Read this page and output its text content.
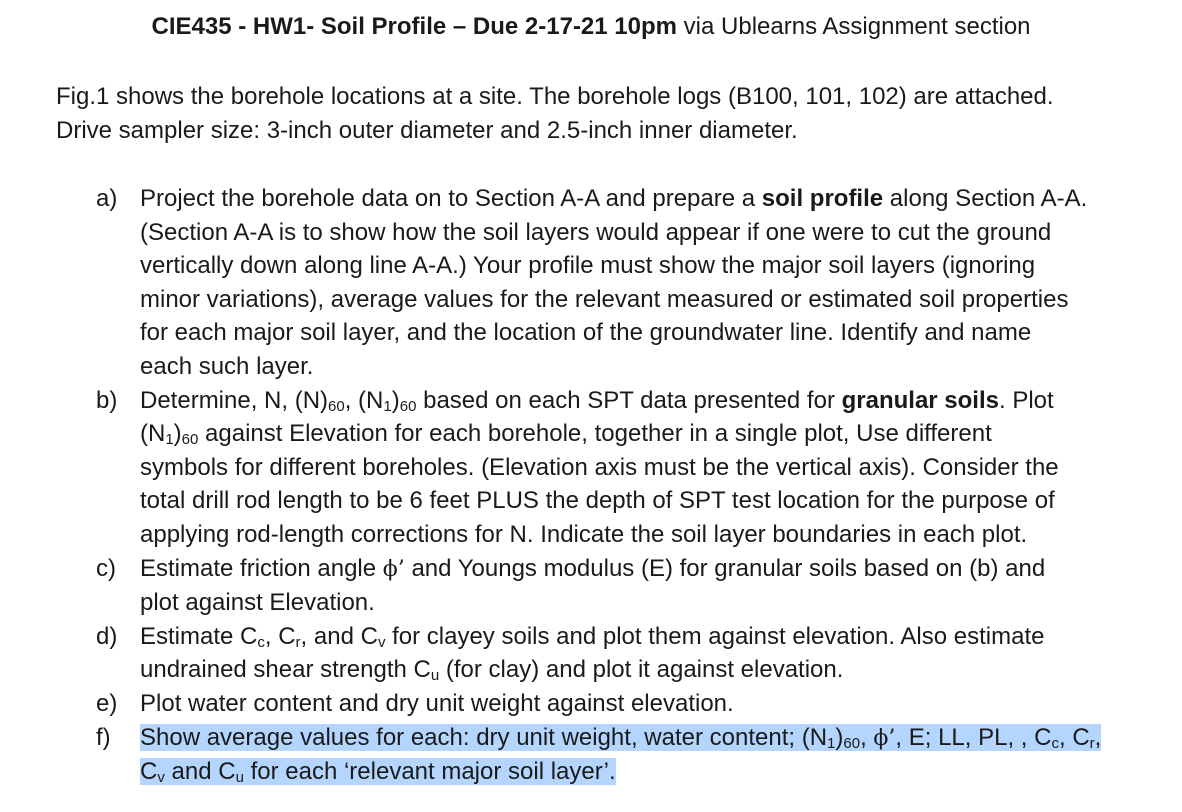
CIE435 - HW1- Soil Profile – Due 2-17-21 10pm via Ublearns Assignment section
Fig.1 shows the borehole locations at a site. The borehole logs (B100, 101, 102) are attached.
Drive sampler size: 3-inch outer diameter and 2.5-inch inner diameter.
a) Project the borehole data on to Section A-A and prepare a soil profile along Section A-A.
(Section A-A is to show how the soil layers would appear if one were to cut the ground
vertically down along line A-A.) Your profile must show the major soil layers (ignoring
minor variations), average values for the relevant measured or estimated soil properties
for each major soil layer, and the location of the groundwater line. Identify and name
each such layer.
b) Determine, N, $(N)_{60}$, $(N_1)_{60}$ based on each SPT data presented for granular soils. Plot
$(N_1)_{60}$ against Elevation for each borehole, together in a single plot, Use different
symbols for different boreholes. (Elevation axis must be the vertical axis). Consider the
total drill rod length to be 6 feet PLUS the depth of SPT test location for the purpose of
applying rod-length corrections for N. Indicate the soil layer boundaries in each plot.
c) Estimate friction angle ϕ’ and Youngs modulus (E) for granular soils based on (b) and
plot against Elevation.
d) Estimate $C_c$, $C_r$, and $C_v$ for clayey soils and plot them against elevation. Also estimate
undrained shear strength $C_u$ (for clay) and plot it against elevation.
e) Plot water content and dry unit weight against elevation.
f) Show average values for each: dry unit weight, water content; $(N_1)_{60}$, ϕ’, E; LL, PL, , $C_c$, $C_r$,
$C_v$ and $C_u$ for each ‘relevant major soil layer’.
